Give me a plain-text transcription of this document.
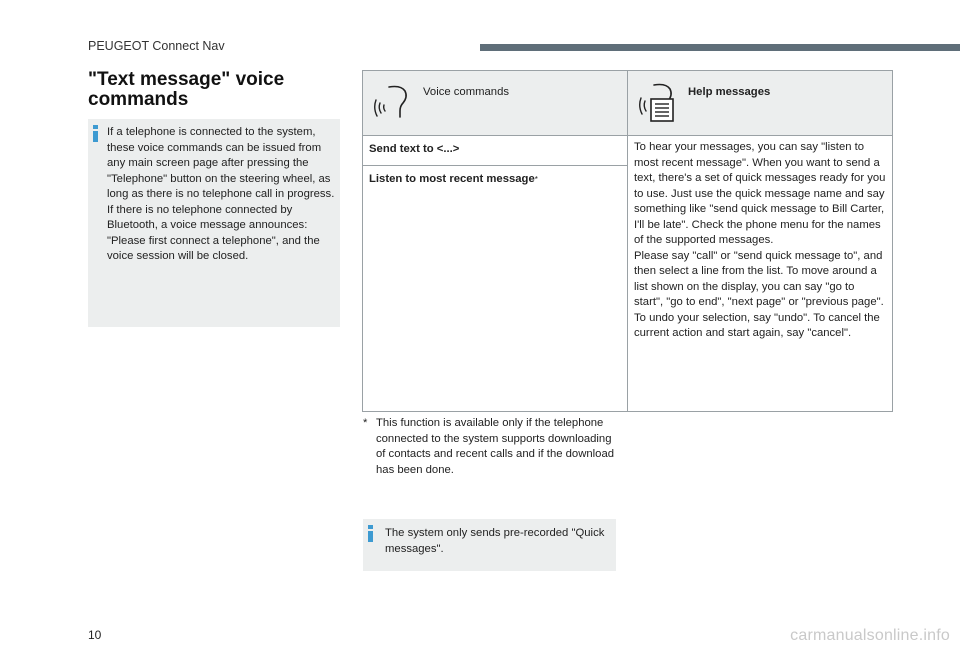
PEUGEOT Connect Nav
"Text message" voice commands
If a telephone is connected to the system, these voice commands can be issued from any main screen page after pressing the "Telephone" button on the steering wheel, as long as there is no telephone call in progress.
If there is no telephone connected by Bluetooth, a voice message announces: "Please first connect a telephone", and the voice session will be closed.
Voice commands	Help messages

Send text to <...>	To hear your messages, you can say "listen to most recent message". When you want to send a text, there's a set of quick messages ready for you to use. Just use the quick message name and say something like "send quick message to Bill Carter, I'll be late". Check the phone menu for the names of the supported messages.
Please say "call" or "send quick message to", and then select a line from the list. To move around a list shown on the display, you can say "go to start", "go to end", "next page" or "previous page". To undo your selection, say "undo". To cancel the current action and start again, say "cancel".
Listen to most recent message*
* This function is available only if the telephone connected to the system supports downloading of contacts and recent calls and if the download has been done.
The system only sends pre-recorded "Quick messages".
10	carmanualsonline.info
